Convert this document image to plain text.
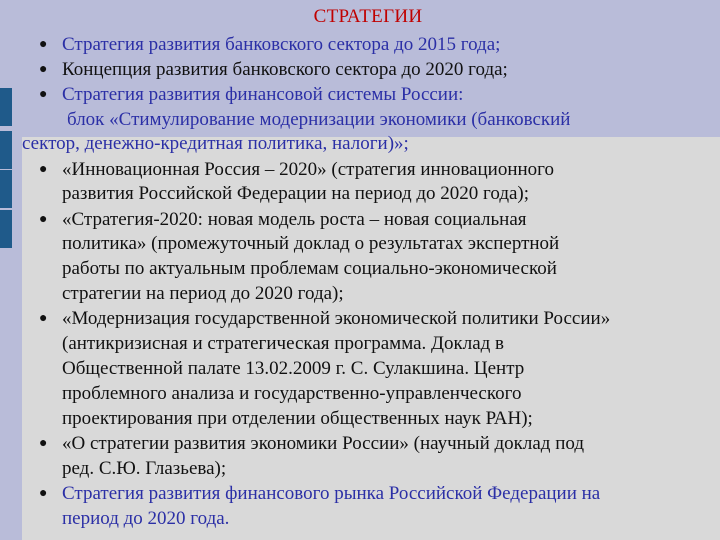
СТРАТЕГИИ
● Стратегия развития банковского сектора до 2015 года;
● Концепция развития банковского сектора до 2020 года;
● Стратегия развития финансовой системы России:
блок «Стимулирование модернизации экономики (банковский
сектор, денежно-кредитная политика, налоги)»;
● «Инновационная Россия – 2020» (стратегия инновационного
развития Российской Федерации на период до 2020 года);
● «Стратегия-2020: новая модель роста – новая социальная
политика» (промежуточный доклад о результатах экспертной
работы по актуальным проблемам социально-экономической
стратегии на период до 2020 года);
● «Модернизация государственной экономической политики России»
(антикризисная и стратегическая программа. Доклад в
Общественной палате 13.02.2009 г. С. Сулакшина. Центр
проблемного анализа и государственно-управленческого
проектирования при отделении общественных наук РАН);
● «О стратегии развития экономики России» (научный доклад под
ред. С.Ю. Глазьева);
● Стратегия развития финансового рынка Российской Федерации на
период до 2020 года.
